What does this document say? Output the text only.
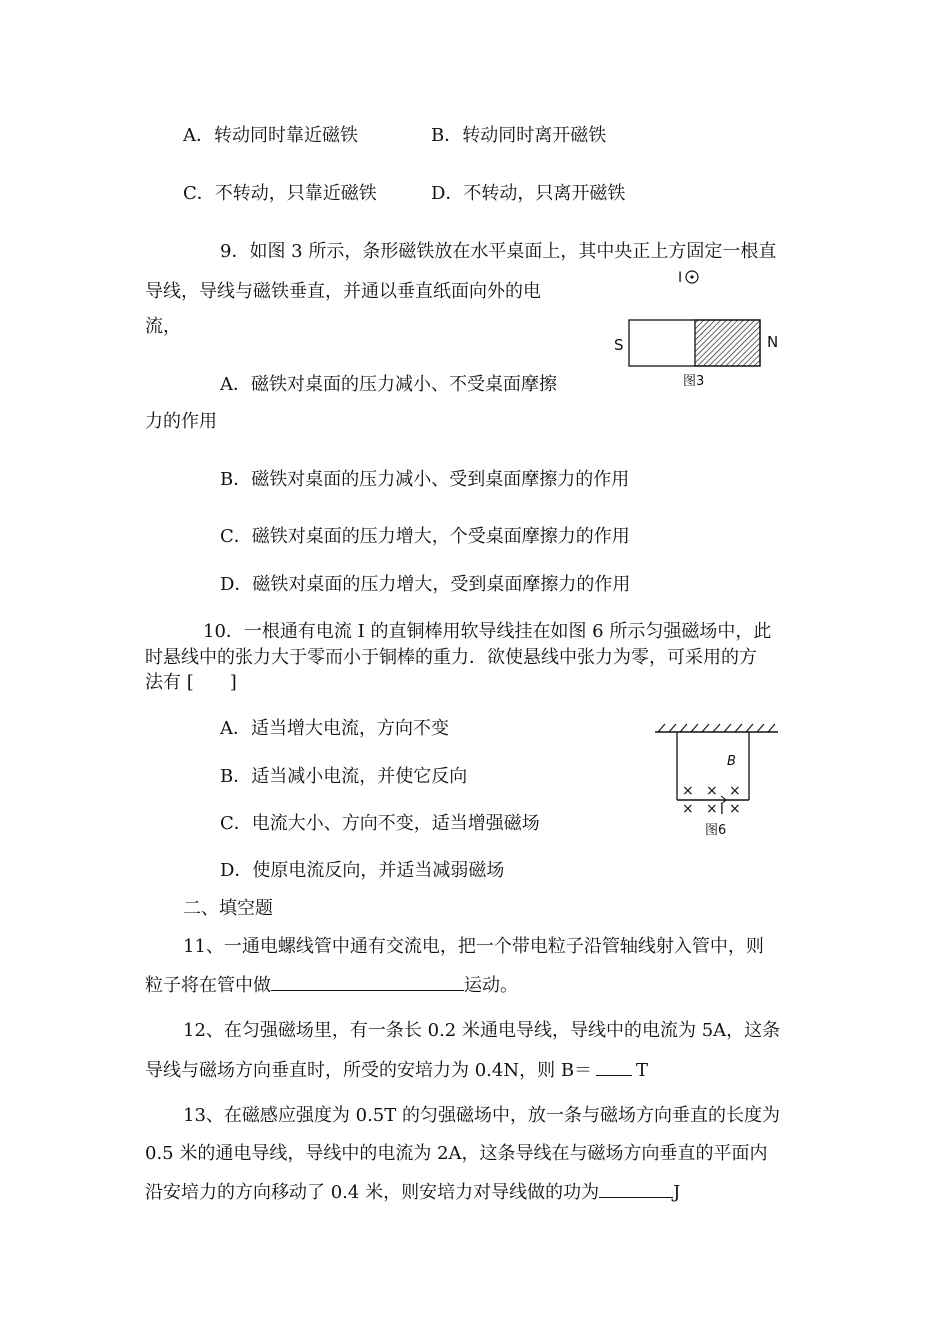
A．转动同时靠近磁铁	B．转动同时离开磁铁
C．不转动，只靠近磁铁	D．不转动，只离开磁铁
9．如图 3 所示，条形磁铁放在水平桌面上，其中央正上方固定一根直
导线，导线与磁铁垂直，并通以垂直纸面向外的电
流，
A．磁铁对桌面的压力减小、不受桌面摩擦
力的作用
B．磁铁对桌面的压力减小、受到桌面摩擦力的作用
C．磁铁对桌面的压力增大，个受桌面摩擦力的作用
D．磁铁对桌面的压力增大，受到桌面摩擦力的作用
I
S	N
图3
10．一根通有电流 I 的直铜棒用软导线挂在如图 6 所示匀强磁场中，此
时悬线中的张力大于零而小于铜棒的重力．欲使悬线中张力为零，可采用的方
法有 [　　]
A．适当增大电流，方向不变
B．适当减小电流，并使它反向
C．电流大小、方向不变，适当增强磁场
D．使原电流反向，并适当减弱磁场
B
× × ×
× × ×
I
图6
二、填空题
11、一通电螺线管中通有交流电，把一个带电粒子沿管轴线射入管中，则
粒子将在管中做	运动。
12、在匀强磁场里，有一条长 0.2 米通电导线，导线中的电流为 5A，这条
导线与磁场方向垂直时，所受的安培力为 0.4N，则 B＝ T
13、在磁感应强度为 0.5T 的匀强磁场中，放一条与磁场方向垂直的长度为
0.5 米的通电导线，导线中的电流为 2A，这条导线在与磁场方向垂直的平面内
沿安培力的方向移动了 0.4 米，则安培力对导线做的功为	J
